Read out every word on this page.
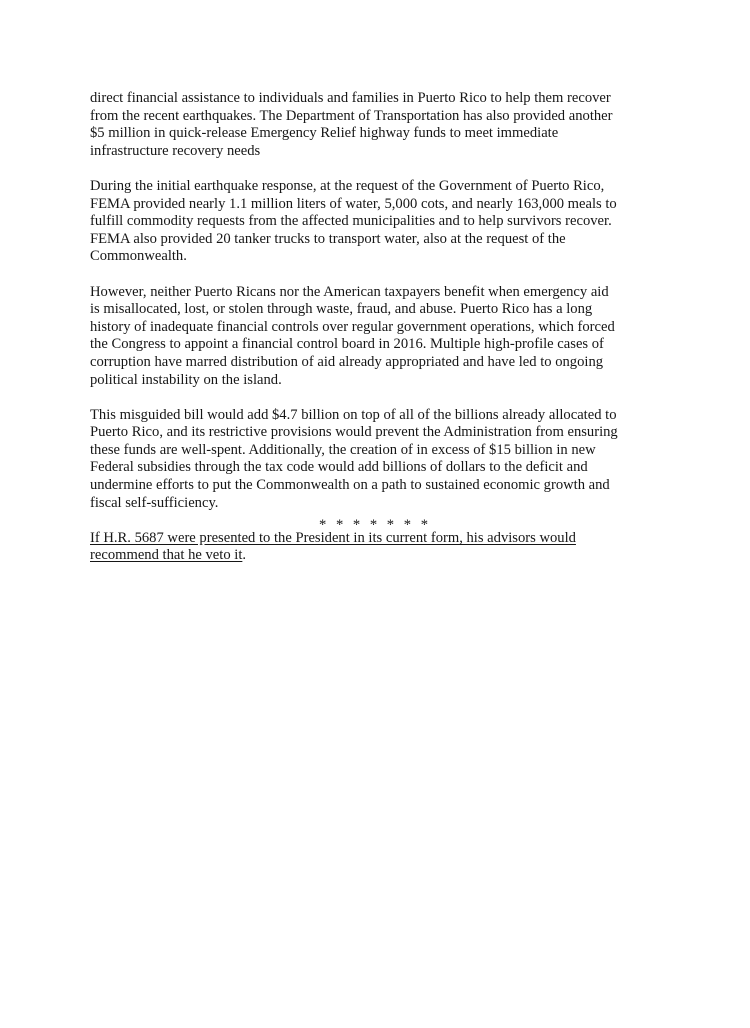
direct financial assistance to individuals and families in Puerto Rico to help them recover
from the recent earthquakes. The Department of Transportation has also provided another
$5 million in quick-release Emergency Relief highway funds to meet immediate
infrastructure recovery needs

During the initial earthquake response, at the request of the Government of Puerto Rico,
FEMA provided nearly 1.1 million liters of water, 5,000 cots, and nearly 163,000 meals to
fulfill commodity requests from the affected municipalities and to help survivors recover.
FEMA also provided 20 tanker trucks to transport water, also at the request of the
Commonwealth.

However, neither Puerto Ricans nor the American taxpayers benefit when emergency aid
is misallocated, lost, or stolen through waste, fraud, and abuse. Puerto Rico has a long
history of inadequate financial controls over regular government operations, which forced
the Congress to appoint a financial control board in 2016. Multiple high-profile cases of
corruption have marred distribution of aid already appropriated and have led to ongoing
political instability on the island.

This misguided bill would add $4.7 billion on top of all of the billions already allocated to
Puerto Rico, and its restrictive provisions would prevent the Administration from ensuring
these funds are well-spent. Additionally, the creation of in excess of $15 billion in new
Federal subsidies through the tax code would add billions of dollars to the deficit and
undermine efforts to put the Commonwealth on a path to sustained economic growth and
fiscal self-sufficiency.

If H.R. 5687 were presented to the President in its current form, his advisors would
recommend that he veto it.

* * * * * * *
